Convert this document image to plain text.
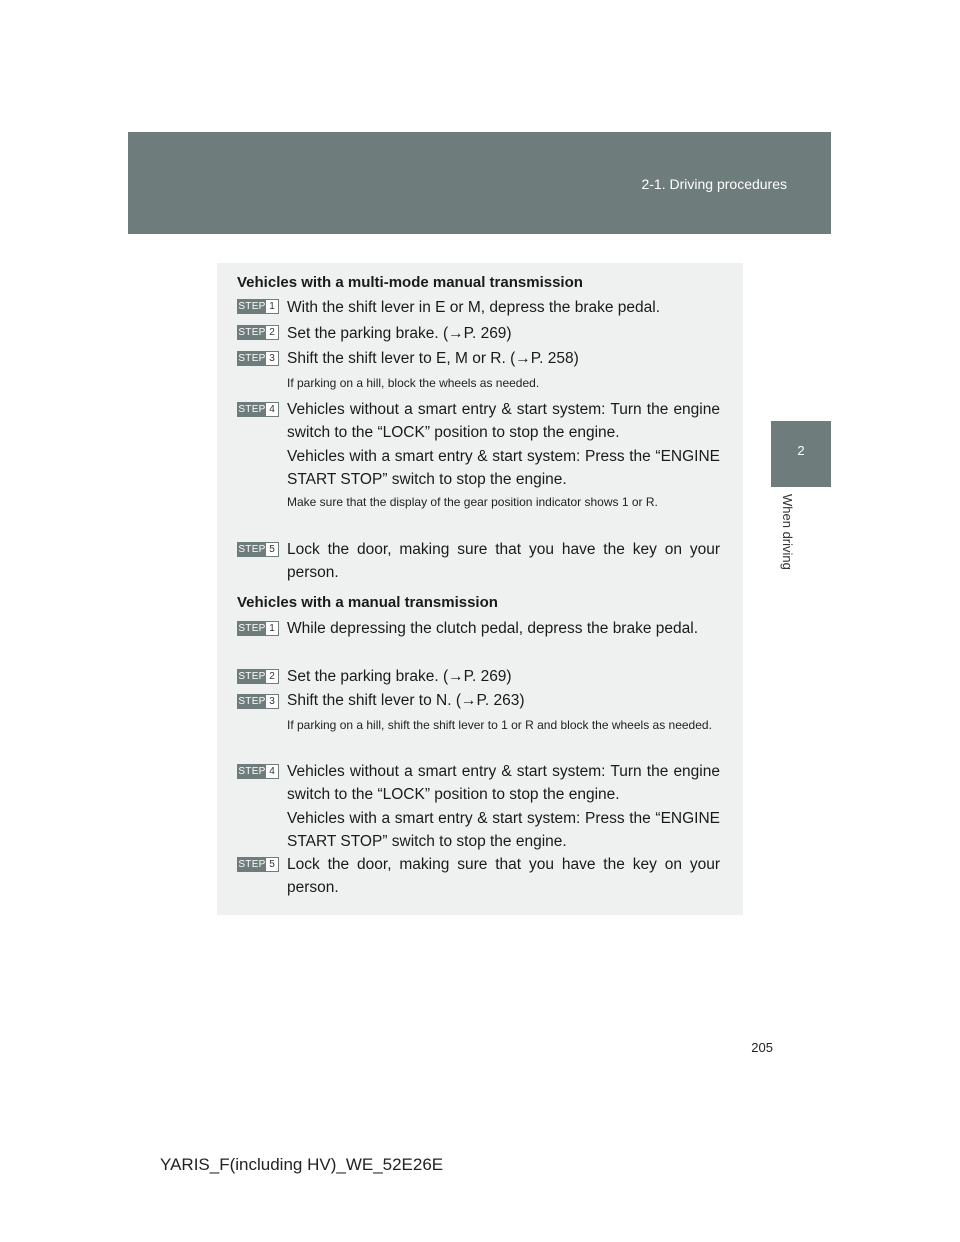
2-1. Driving procedures
2
When driving
Vehicles with a multi-mode manual transmission
STEP 1 With the shift lever in E or M, depress the brake pedal.
STEP 2 Set the parking brake. (→P. 269)
STEP 3 Shift the shift lever to E, M or R. (→P. 258)
If parking on a hill, block the wheels as needed.
STEP 4 Vehicles without a smart entry & start system: Turn the engine switch to the “LOCK” position to stop the engine.
Vehicles with a smart entry & start system: Press the “ENGINE START STOP” switch to stop the engine.
Make sure that the display of the gear position indicator shows 1 or R.
STEP 5 Lock the door, making sure that you have the key on your person.
Vehicles with a manual transmission
STEP 1 While depressing the clutch pedal, depress the brake pedal.
STEP 2 Set the parking brake. (→P. 269)
STEP 3 Shift the shift lever to N. (→P. 263)
If parking on a hill, shift the shift lever to 1 or R and block the wheels as needed.
STEP 4 Vehicles without a smart entry & start system: Turn the engine switch to the “LOCK” position to stop the engine.
Vehicles with a smart entry & start system: Press the “ENGINE START STOP” switch to stop the engine.
STEP 5 Lock the door, making sure that you have the key on your person.
205
YARIS_F(including HV)_WE_52E26E
